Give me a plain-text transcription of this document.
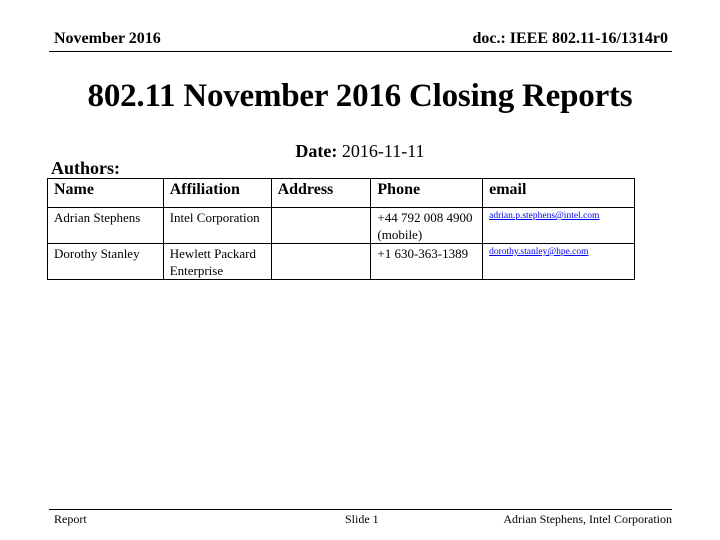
November 2016	doc.: IEEE 802.11-16/1314r0
802.11 November 2016 Closing Reports
Date: 2016-11-11
Authors:
Name	Affiliation	Address	Phone	email
Adrian Stephens	Intel Corporation		+44 792 008 4900 (mobile)	adrian.p.stephens@intel.com

Dorothy Stanley	Hewlett Packard Enterprise		+1 630-363-1389	dorothy.stanley@hpe.com
Report	Slide 1	Adrian Stephens, Intel Corporation
